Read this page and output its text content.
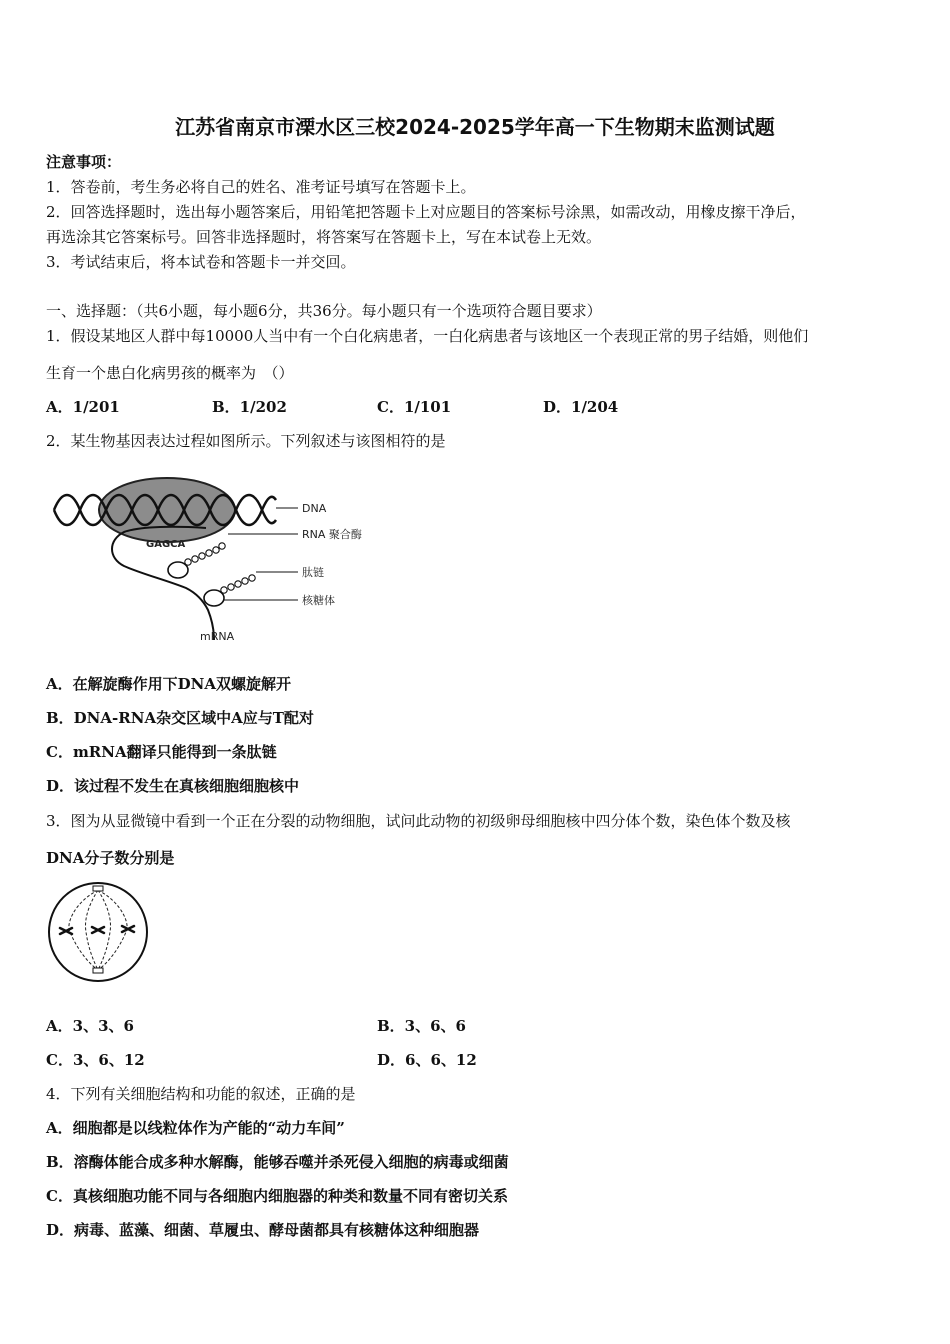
江苏省南京市溧水区三校2024-2025学年高一下生物期末监测试题
注意事项：
1．答卷前，考生务必将自己的姓名、准考证号填写在答题卡上。
2．回答选择题时，选出每小题答案后，用铅笔把答题卡上对应题目的答案标号涂黑，如需改动，用橡皮擦干净后，
再选涂其它答案标号。回答非选择题时，将答案写在答题卡上，写在本试卷上无效。
3．考试结束后，将本试卷和答题卡一并交回。
一、选择题：（共6小题，每小题6分，共36分。每小题只有一个选项符合题目要求）
1．假设某地区人群中每10000人当中有一个白化病患者，一白化病患者与该地区一个表现正常的男子结婚，则他们
生育一个患白化病男孩的概率为　（）
A．1/201	B．1/202	C．1/101	D．1/204
2．某生物基因表达过程如图所示。下列叙述与该图相符的是
DNA
RNA 聚合酶
肽链
核糖体
mRNA
GAGCA
A．在解旋酶作用下DNA双螺旋解开
B．DNA-RNA杂交区域中A应与T配对
C．mRNA翻译只能得到一条肽链
D．该过程不发生在真核细胞细胞核中
3．图为从显微镜中看到一个正在分裂的动物细胞，试问此动物的初级卵母细胞核中四分体个数，染色体个数及核
DNA分子数分别是
A．3、3、6	B．3、6、6
C．3、6、12	D．6、6、12
4．下列有关细胞结构和功能的叙述，正确的是
A．细胞都是以线粒体作为产能的“动力车间”
B．溶酶体能合成多种水解酶，能够吞噬并杀死侵入细胞的病毒或细菌
C．真核细胞功能不同与各细胞内细胞器的种类和数量不同有密切关系
D．病毒、蓝藻、细菌、草履虫、酵母菌都具有核糖体这种细胞器
